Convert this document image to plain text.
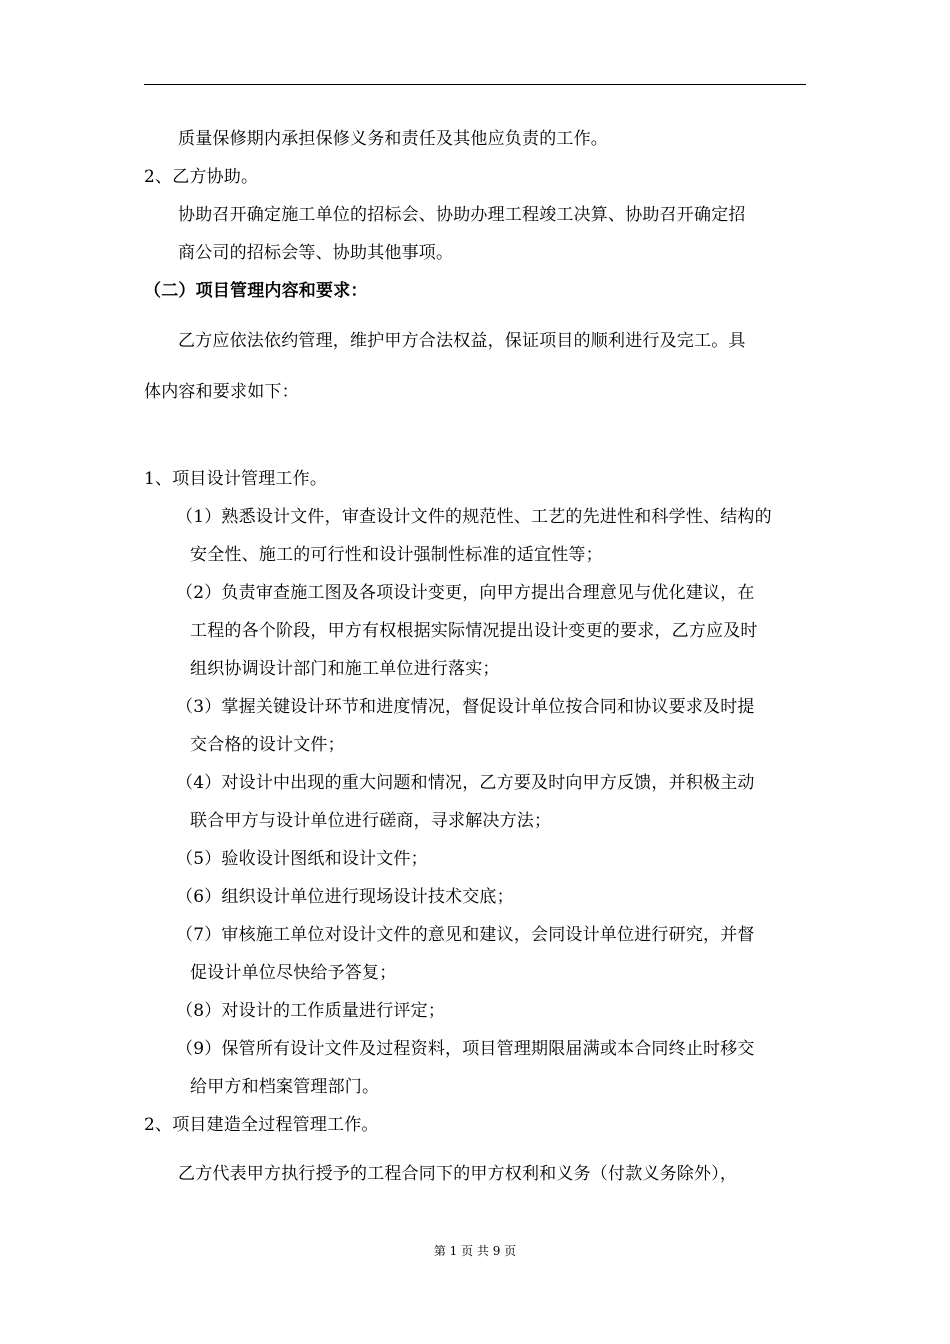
质量保修期内承担保修义务和责任及其他应负责的工作。
2、乙方协助。
协助召开确定施工单位的招标会、协助办理工程竣工决算、协助召开确定招
商公司的招标会等、协助其他事项。
（二）项目管理内容和要求：
乙方应依法依约管理，维护甲方合法权益，保证项目的顺利进行及完工。具
体内容和要求如下：
1、项目设计管理工作。
（1）熟悉设计文件，审查设计文件的规范性、工艺的先进性和科学性、结构的
安全性、施工的可行性和设计强制性标准的适宜性等；
（2）负责审查施工图及各项设计变更，向甲方提出合理意见与优化建议，在
工程的各个阶段，甲方有权根据实际情况提出设计变更的要求，乙方应及时
组织协调设计部门和施工单位进行落实；
（3）掌握关键设计环节和进度情况，督促设计单位按合同和协议要求及时提
交合格的设计文件；
（4）对设计中出现的重大问题和情况，乙方要及时向甲方反馈，并积极主动
联合甲方与设计单位进行磋商，寻求解决方法；
（5）验收设计图纸和设计文件；
（6）组织设计单位进行现场设计技术交底；
（7）审核施工单位对设计文件的意见和建议，会同设计单位进行研究，并督
促设计单位尽快给予答复；
（8）对设计的工作质量进行评定；
（9）保管所有设计文件及过程资料，项目管理期限届满或本合同终止时移交
给甲方和档案管理部门。
2、项目建造全过程管理工作。
乙方代表甲方执行授予的工程合同下的甲方权利和义务（付款义务除外），
第 1 页 共 9 页
